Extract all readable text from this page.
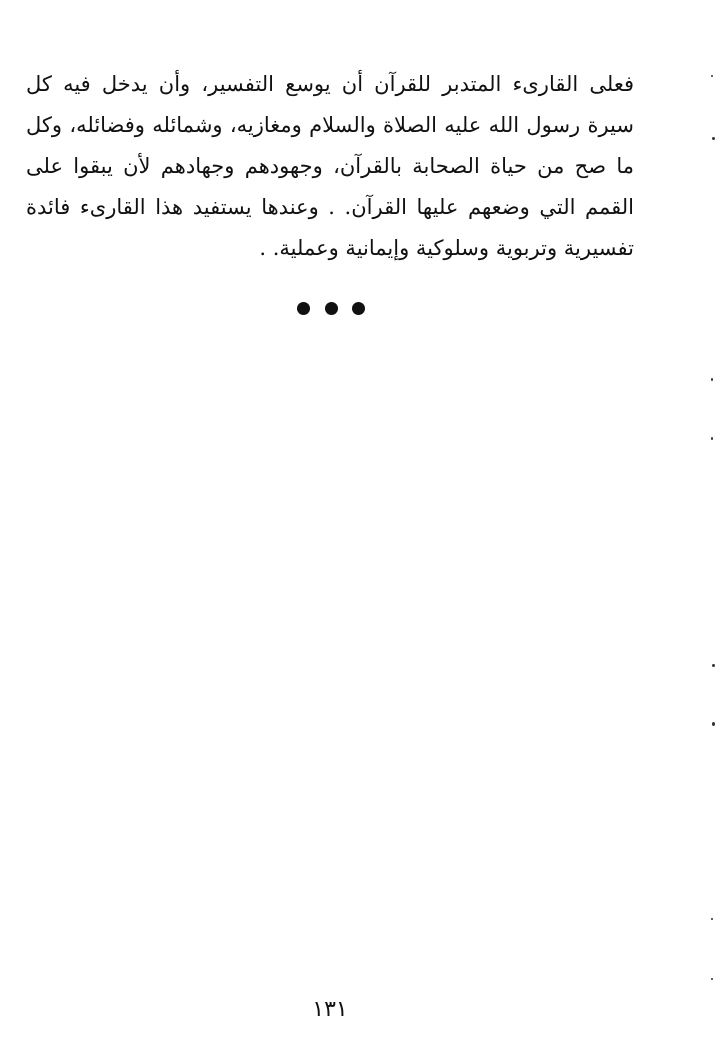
فعلى القارىء المتدبر للقرآن أن يوسع التفسير، وأن يدخل فيه كل
سيرة رسول الله عليه الصلاة والسلام ومغازيه، وشمائله وفضائله، وكل
ما صح من حياة الصحابة بالقرآن، وجهودهم وجهادهم لأن يبقوا على
القمم التي وضعهم عليها القرآن. . وعندها يستفيد هذا القارىء فائدة
تفسيرية وتربوية وسلوكية وإيمانية وعملية. .
١٣١
